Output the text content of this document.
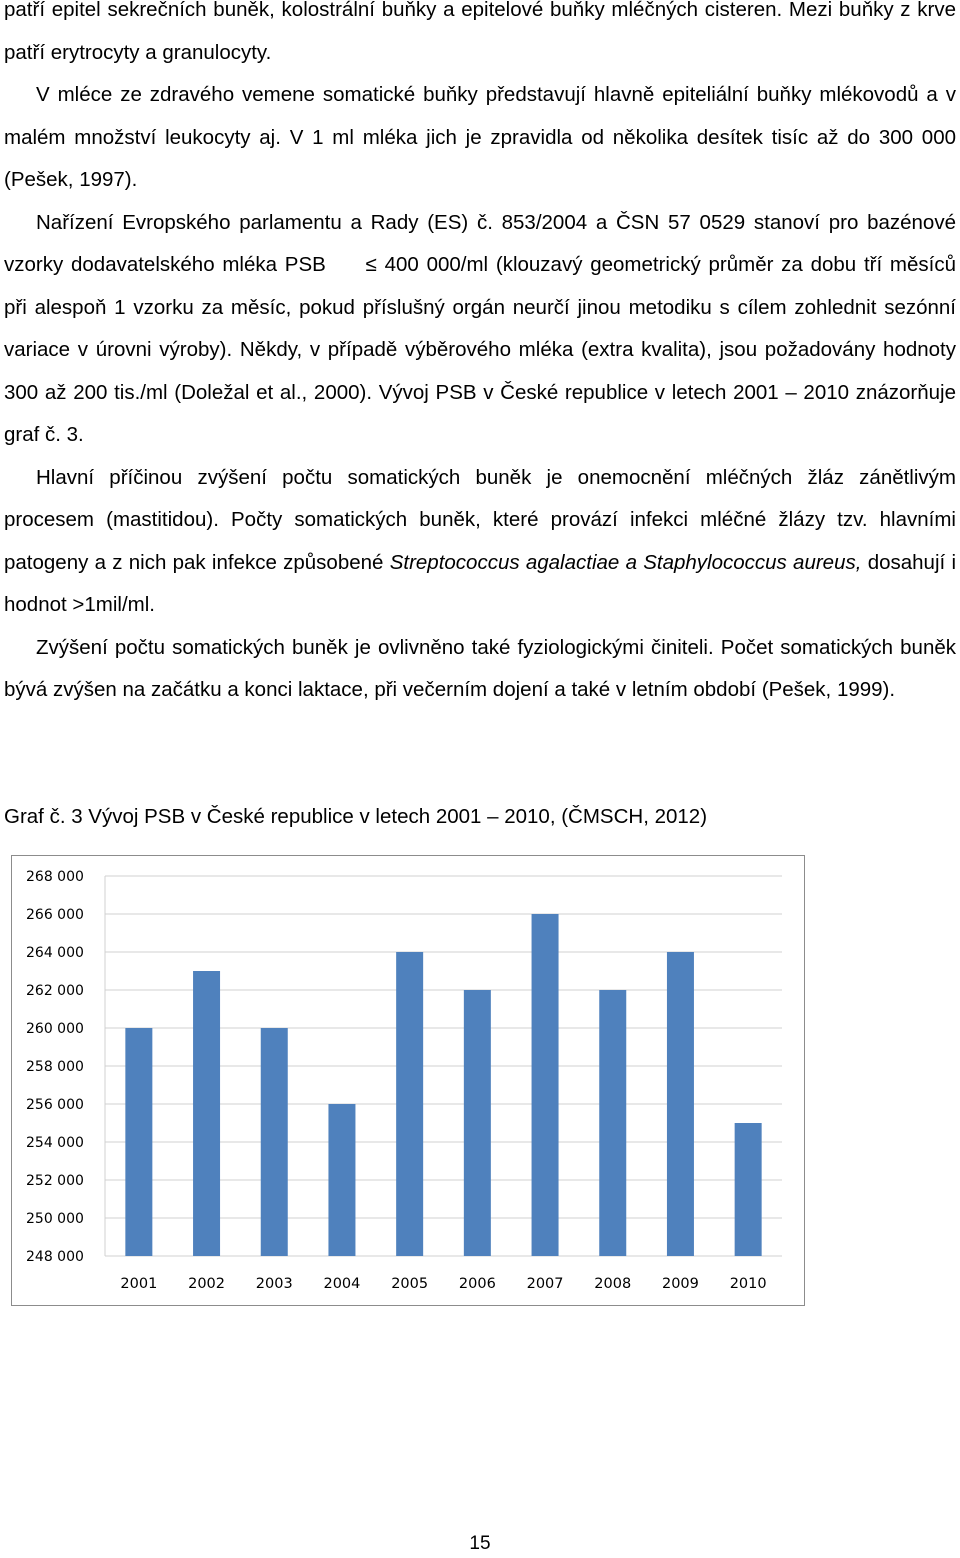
patří epitel sekrečních buněk, kolostrální buňky a epitelové buňky mléčných cisteren. Mezi buňky z krve patří erytrocyty a granulocyty.

V mléce ze zdravého vemene somatické buňky představují hlavně epiteliální buňky mlékovodů a v malém množství leukocyty aj. V 1 ml mléka jich je zpravidla od několika desítek tisíc až do 300 000 (Pešek, 1997).

Nařízení Evropského parlamentu a Rady (ES) č. 853/2004 a ČSN 57 0529 stanoví pro bazénové vzorky dodavatelského mléka PSB ≤ 400 000/ml (klouzavý geometrický průměr za dobu tří měsíců při alespoň 1 vzorku za měsíc, pokud příslušný orgán neurčí jinou metodiku s cílem zohlednit sezónní variace v úrovni výroby). Někdy, v případě výběrového mléka (extra kvalita), jsou požadovány hodnoty 300 až 200 tis./ml (Doležal et al., 2000). Vývoj PSB v České republice v letech 2001 – 2010 znázorňuje graf č. 3.

Hlavní příčinou zvýšení počtu somatických buněk je onemocnění mléčných žláz zánětlivým procesem (mastitidou). Počty somatických buněk, které provází infekci mléčné žlázy tzv. hlavními patogeny a z nich pak infekce způsobené Streptococcus agalactiae a Staphylococcus aureus, dosahují i hodnot >1mil/ml.

Zvýšení počtu somatických buněk je ovlivněno také fyziologickými činiteli. Počet somatických buněk bývá zvýšen na začátku a konci laktace, při večerním dojení a také v letním období (Pešek, 1999).

Graf č. 3 Vývoj PSB v České republice v letech 2001 – 2010, (ČMSCH, 2012)
248 000
250 000
252 000
254 000
256 000
258 000
260 000
262 000
264 000
266 000
268 000
2001 2002 2003 2004 2005 2006 2007 2008 2009 2010
15
